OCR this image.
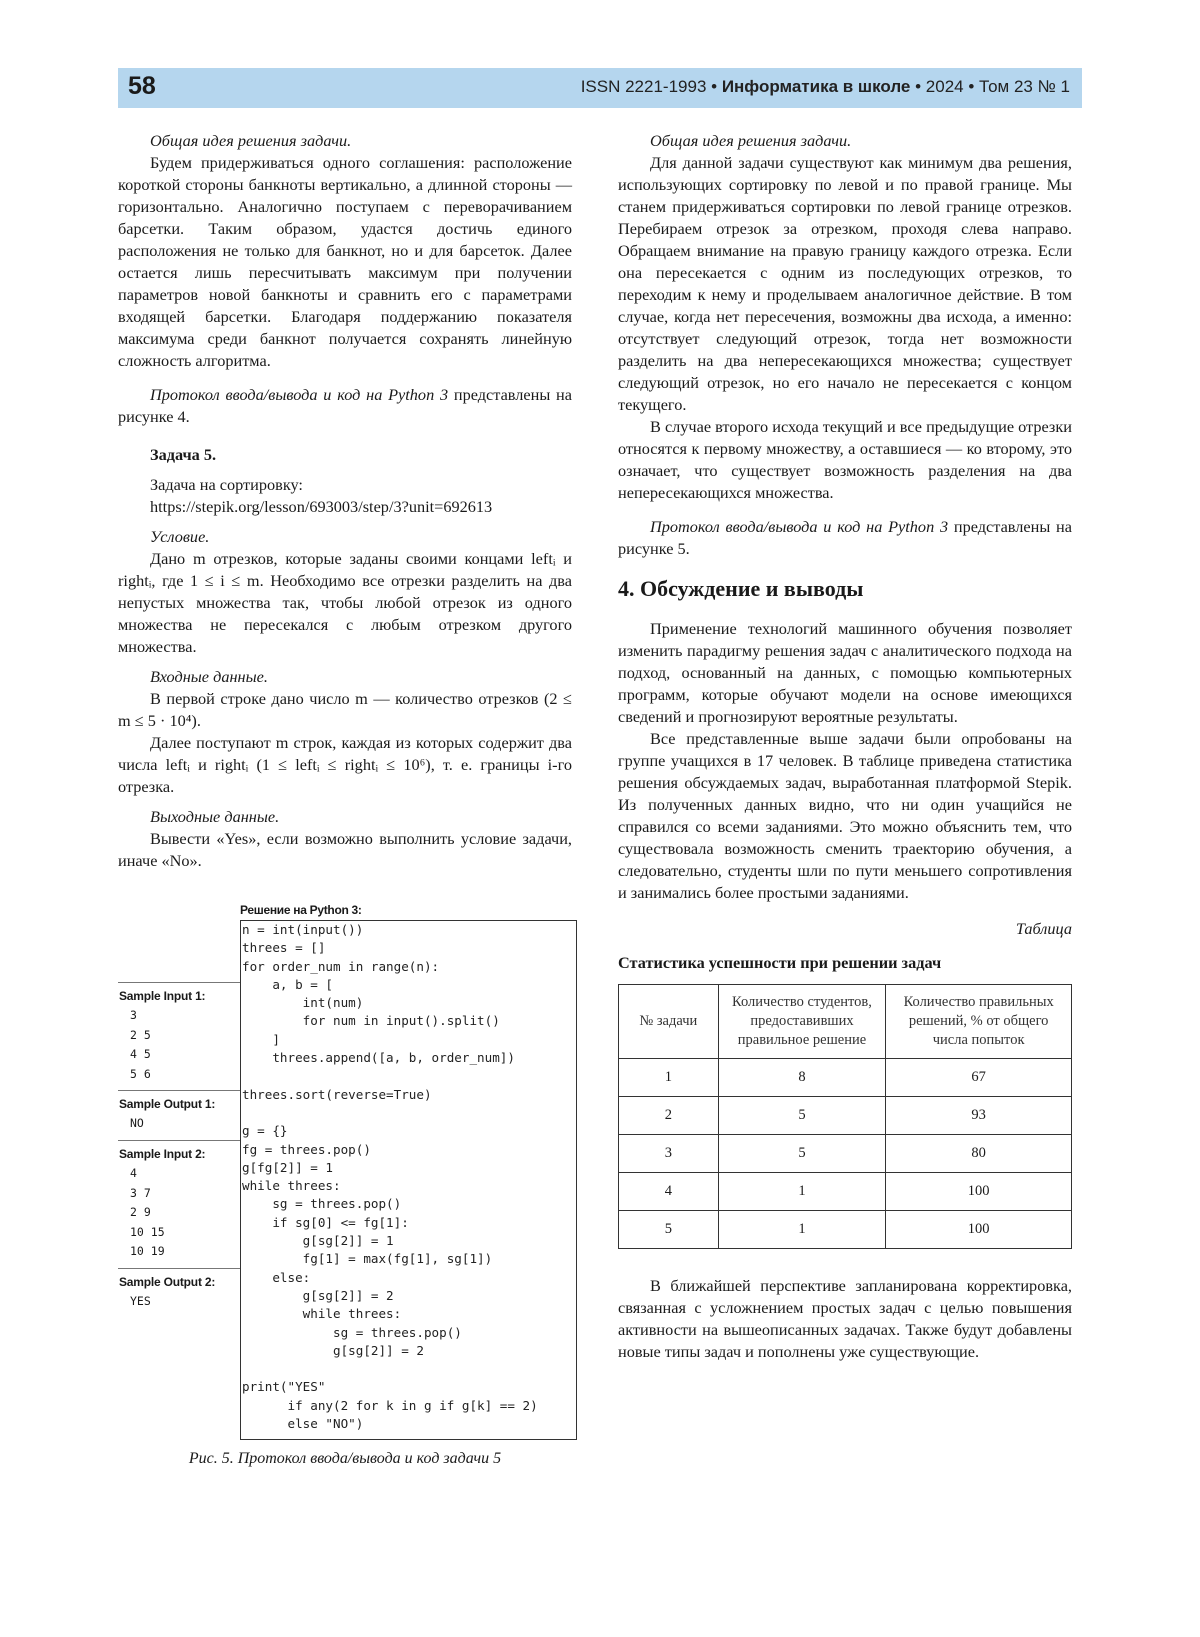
58	ISSN 2221-1993 • Информатика в школе • 2024 • Том 23 № 1

Общая идея решения задачи.

Будем придерживаться одного соглашения: расположение короткой стороны банкноты вертикально, а длинной стороны — горизонтально. Аналогично поступаем с переворачиванием барсетки. Таким образом, удастся достичь единого расположения не только для банкнот, но и для барсеток. Далее остается лишь пересчитывать максимум при получении параметров новой банкноты и сравнить его с параметрами входящей барсетки. Благодаря поддержанию показателя максимума среди банкнот получается сохранять линейную сложность алгоритма.

Протокол ввода/вывода и код на Python 3 представлены на рисунке 4.

Задача 5.

Задача на сортировку:

https://stepik.org/lesson/693003/step/3?unit=692613

Условие.

Дано m отрезков, которые заданы своими концами leftᵢ и rightᵢ, где 1 ≤ i ≤ m. Необходимо все отрезки разделить на два непустых множества так, чтобы любой отрезок из одного множества не пересекался с любым отрезком другого множества.

Входные данные.

В первой строке дано число m — количество отрезков (2 ≤ m ≤ 5 · 10⁴).

Далее поступают m строк, каждая из которых содержит два числа leftᵢ и rightᵢ (1 ≤ leftᵢ ≤ rightᵢ ≤ 10⁶), т. е. границы i-го отрезка.

Выходные данные.

Вывести «Yes», если возможно выполнить условие задачи, иначе «No».

Решение на Python 3:
n = int(input())
threes = []
for order_num in range(n):
a, b = [
int(num)
for num in input().split()
]
threes.append([a, b, order_num])

threes.sort(reverse=True)

g = {}
fg = threes.pop()
g[fg[2]] = 1
while threes:
sg = threes.pop()
if sg[0] <= fg[1]:
g[sg[2]] = 1
fg[1] = max(fg[1], sg[1])
else:
g[sg[2]] = 2
while threes:
sg = threes.pop()
g[sg[2]] = 2

print("YES"
if any(2 for k in g if g[k] == 2)
else "NO")
Sample Input 1:
3
2 5
4 5
5 6
Sample Output 1:
NO
Sample Input 2:
4
3 7
2 9
10 15
10 19
Sample Output 2:
YES
Рис. 5. Протокол ввода/вывода и код задачи 5

Общая идея решения задачи.

Для данной задачи существуют как минимум два решения, использующих сортировку по левой и по правой границе. Мы станем придерживаться сортировки по левой границе отрезков. Перебираем отрезок за отрезком, проходя слева направо. Обращаем внимание на правую границу каждого отрезка. Если она пересекается с одним из последующих отрезков, то переходим к нему и проделываем аналогичное действие. В том случае, когда нет пересечения, возможны два исхода, а именно: отсутствует следующий отрезок, тогда нет возможности разделить на два непересекающихся множества; существует следующий отрезок, но его начало не пересекается с концом текущего.

В случае второго исхода текущий и все предыдущие отрезки относятся к первому множеству, а оставшиеся — ко второму, это означает, что существует возможность разделения на два непересекающихся множества.

Протокол ввода/вывода и код на Python 3 представлены на рисунке 5.

4. Обсуждение и выводы

Применение технологий машинного обучения позволяет изменить парадигму решения задач с аналитического подхода на подход, основанный на данных, с помощью компьютерных программ, которые обучают модели на основе имеющихся сведений и прогнозируют вероятные результаты.

Все представленные выше задачи были опробованы на группе учащихся в 17 человек. В таблице приведена статистика решения обсуждаемых задач, выработанная платформой Stepik. Из полученных данных видно, что ни один учащийся не справился со всеми заданиями. Это можно объяснить тем, что существовала возможность сменить траекторию обучения, а следовательно, студенты шли по пути меньшего сопротивления и занимались более простыми заданиями.

Таблица

Статистика успешности при решении задач

№ задачи	Количество студентов, предоставивших правильное решение	Количество правильных решений, % от общего числа попыток
1	8	67
2	5	93
3	5	80
4	1	100
5	1	100

В ближайшей перспективе запланирована корректировка, связанная с усложнением простых задач с целью повышения активности на вышеописанных задачах. Также будут добавлены новые типы задач и пополнены уже существующие.
